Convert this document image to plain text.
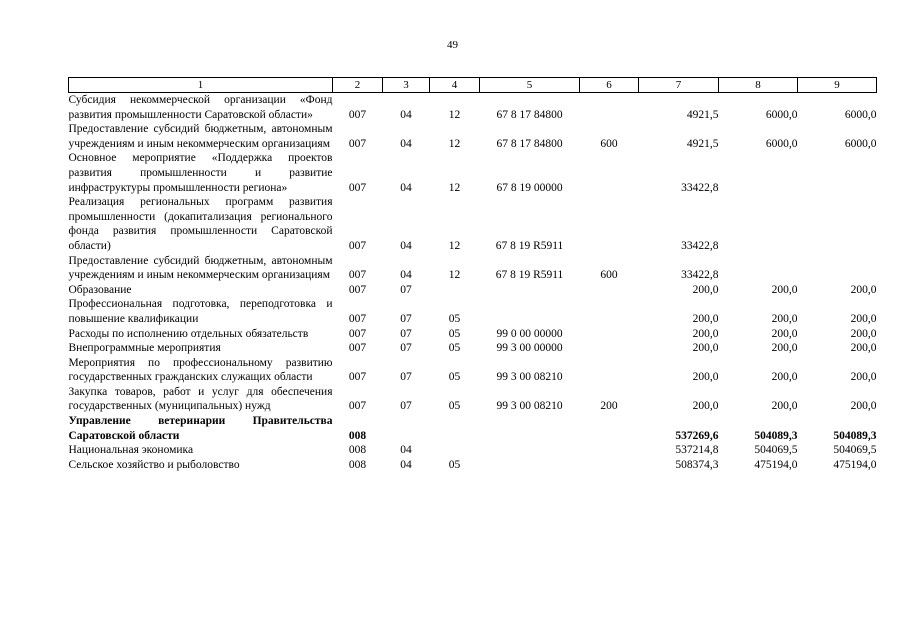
49
1	2	3	4	5	6	7	8	9
Субсидия некоммерческой организации «Фонд развития промышленности Саратовской области»	007	04	12	67 8 17 84800		4921,5	6000,0	6000,0
Предоставление субсидий бюджетным, автономным учреждениям и иным некоммерческим организациям	007	04	12	67 8 17 84800	600	4921,5	6000,0	6000,0
Основное мероприятие «Поддержка проектов развития промышленности и развитие инфраструктуры промышленности региона»	007	04	12	67 8 19 00000		33422,8		
Реализация региональных программ развития промышленности (докапитализация регионального фонда развития промышленности Саратовской области)	007	04	12	67 8 19 R5911		33422,8		
Предоставление субсидий бюджетным, автономным учреждениям и иным некоммерческим организациям	007	04	12	67 8 19 R5911	600	33422,8		
Образование	007	07				200,0	200,0	200,0
Профессиональная подготовка, переподготовка и повышение квалификации	007	07	05			200,0	200,0	200,0
Расходы по исполнению отдельных обязательств	007	07	05	99 0 00 00000		200,0	200,0	200,0
Внепрограммные мероприятия	007	07	05	99 3 00 00000		200,0	200,0	200,0
Мероприятия по профессиональному развитию государственных гражданских служащих области	007	07	05	99 3 00 08210		200,0	200,0	200,0
Закупка товаров, работ и услуг для обеспечения государственных (муниципальных) нужд	007	07	05	99 3 00 08210	200	200,0	200,0	200,0
Управление ветеринарии Правительства Саратовской области	008					537269,6	504089,3	504089,3
Национальная экономика	008	04				537214,8	504069,5	504069,5
Сельское хозяйство и рыболовство	008	04	05			508374,3	475194,0	475194,0
